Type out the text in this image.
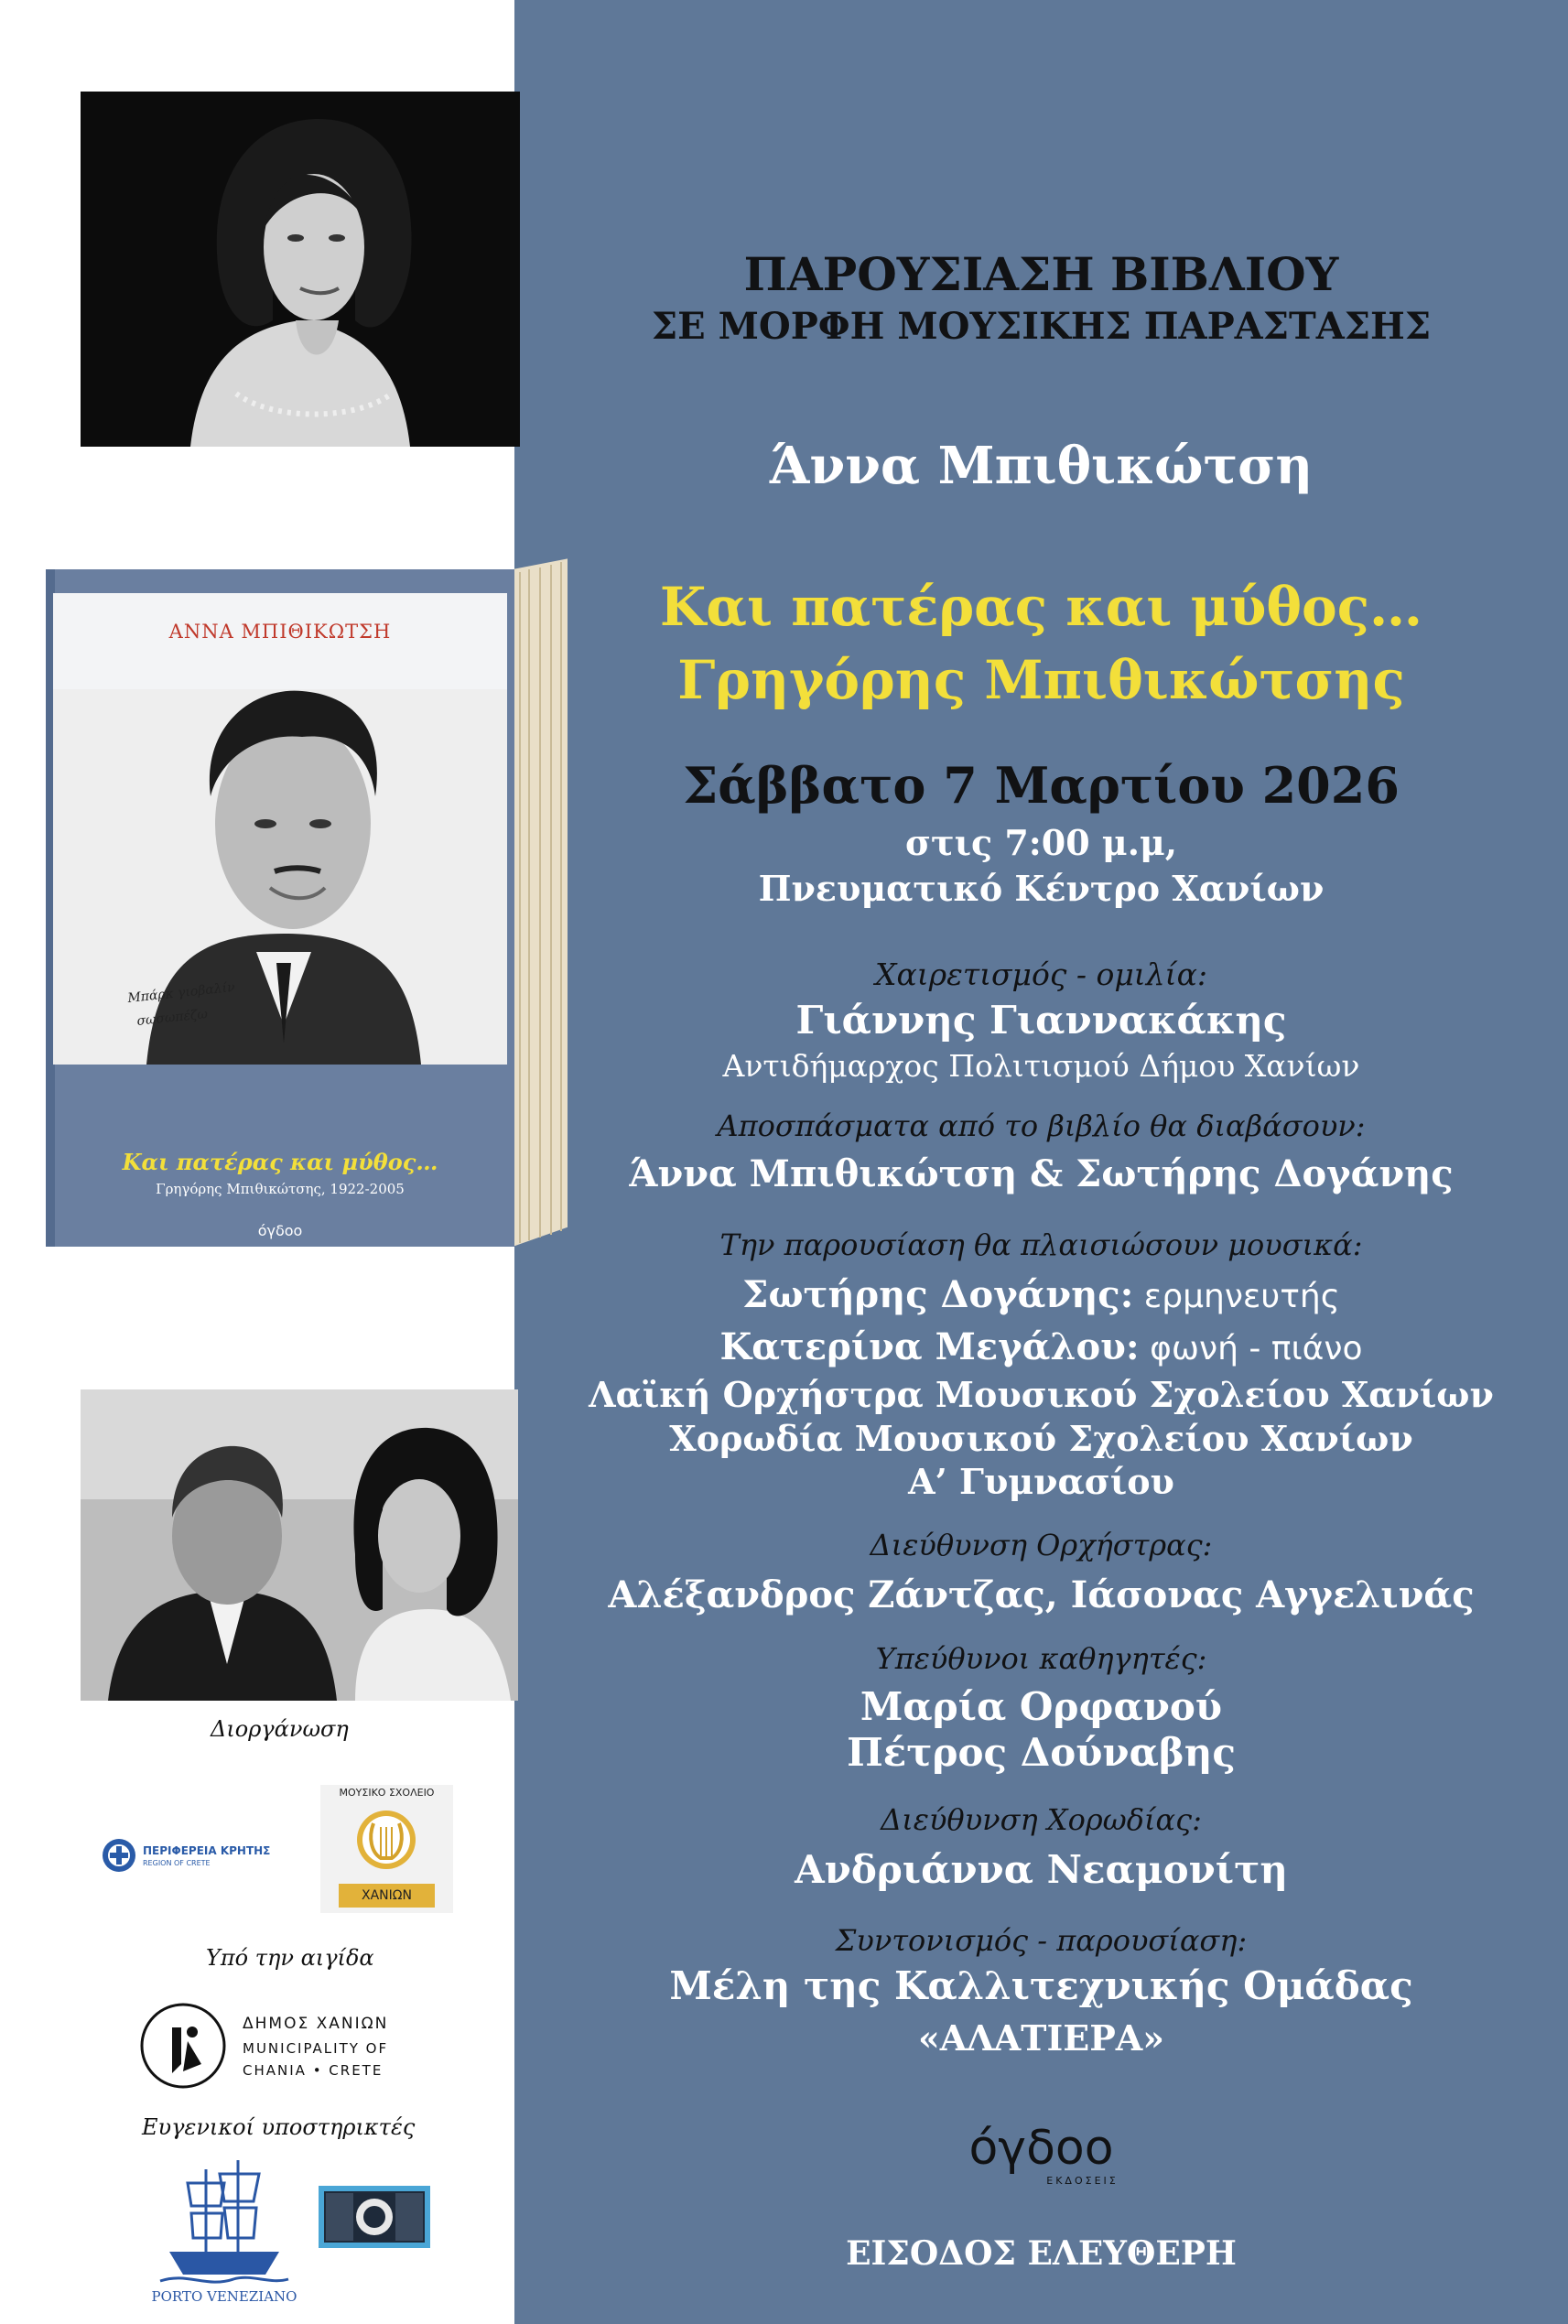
Μπάρκ γιοβαλίν
σωσωπέζω
ΑΝΝΑ ΜΠΙΘΙΚΩΤΣΗ
Και πατέρας και μύθος…
Γρηγόρης Μπιθικώτσης, 1922-2005
όγδοο
Διοργάνωση
ΠΕΡΙΦΕΡΕΙΑ ΚΡΗΤΗΣ
REGION OF CRETE
ΜΟΥΣΙΚΟ ΣΧΟΛΕΙΟ
ΧΑΝΙΩΝ
Υπό την αιγίδα
ΔΗΜΟΣ ΧΑΝΙΩΝ
MUNICIPALITY OF
CHANIA • CRETE
Ευγενικοί υποστηρικτές
PORTO VENEZIANO

ΠΑΡΟΥΣΙΑΣΗ ΒΙΒΛΙΟΥ

ΣΕ ΜΟΡΦΗ ΜΟΥΣΙΚΗΣ ΠΑΡΑΣΤΑΣΗΣ

Άννα Μπιθικώτση

Και πατέρας και μύθος…

Γρηγόρης Μπιθικώτσης

Σάββατο 7 Μαρτίου 2026

στις 7:00 μ.μ,

Πνευματικό Κέντρο Χανίων

Χαιρετισμός - ομιλία:

Γιάννης Γιαννακάκης

Αντιδήμαρχος Πολιτισμού Δήμου Χανίων

Αποσπάσματα από το βιβλίο θα διαβάσουν:

Άννα Μπιθικώτση & Σωτήρης Δογάνης

Την παρουσίαση θα πλαισιώσουν μουσικά:

Σωτήρης Δογάνης: ερμηνευτής

Κατερίνα Μεγάλου: φωνή - πιάνο

Λαϊκή Ορχήστρα Μουσικού Σχολείου Χανίων

Χορωδία Μουσικού Σχολείου Χανίων

Α’ Γυμνασίου

Διεύθυνση Ορχήστρας:

Αλέξανδρος Ζάντζας, Ιάσονας Αγγελινάς

Υπεύθυνοι καθηγητές:

Μαρία Ορφανού

Πέτρος Δούναβης

Διεύθυνση Χορωδίας:

Ανδριάννα Νεαμονίτη

Συντονισμός - παρουσίαση:

Μέλη της Καλλιτεχνικής Ομάδας

«ΑΛΑΤΙΕΡΑ»

όγδοο

ΕΚΔΟΣΕΙΣ

ΕΙΣΟΔΟΣ ΕΛΕΥΘΕΡΗ
